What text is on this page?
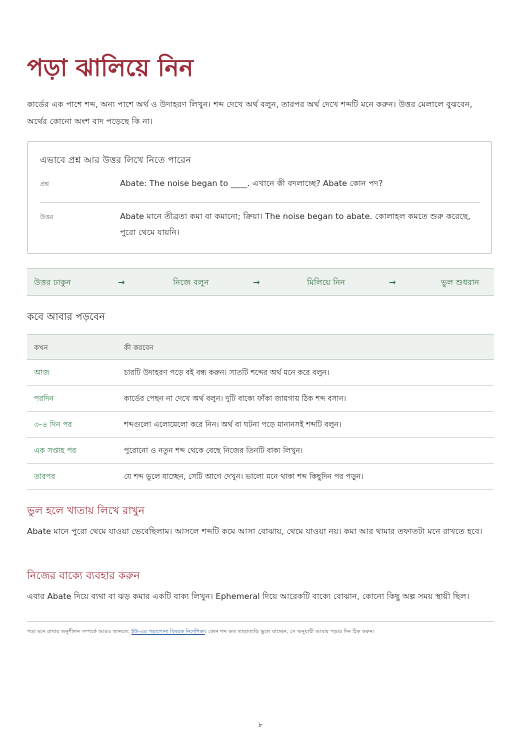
পড়া ঝালিয়ে নিন

কার্ডের এক পাশে শব্দ, অন্য পাশে অর্থ ও উদাহরণ লিখুন। শব্দ দেখে অর্থ বলুন, তারপর অর্থ দেখে শব্দটি মনে করুন। উত্তর মেলালে বুঝবেন, অর্থের কোনো অংশ বাদ পড়েছে কি না।

এভাবে প্রশ্ন আর উত্তর লিখে নিতে পারেন
প্রশ্ন	Abate: The noise began to ____. এখানে কী বদলাচ্ছে? Abate কোন পদ?
উত্তর	Abate মানে তীব্রতা কমা বা কমানো; ক্রিয়া। The noise began to abate. কোলাহল কমতে শুরু করেছে, পুরো থেমে যায়নি।
উত্তর ঢাকুন	→	নিজে বলুন	→	মিলিয়ে নিন	→	ভুল শুধরান
কবে আবার পড়বেন
কখন	কী করবেন
আজ	চারটি উদাহরণ পড়ে বই বন্ধ করুন। সাতটি শব্দের অর্থ মনে করে বলুন।
পরদিন	কার্ডের পেছন না দেখে অর্থ বলুন। দুটি বাক্যে ফাঁকা জায়গায় ঠিক শব্দ বসান।
৩–৪ দিন পর	শব্দগুলো এলোমেলো করে নিন। অর্থ বা ঘটনা পড়ে মানানসই শব্দটি বলুন।
এক সপ্তাহ পর	পুরোনো ও নতুন শব্দ থেকে বেছে নিজের তিনটি বাক্য লিখুন।
তারপর	যে শব্দ ভুলে যাচ্ছেন, সেটি আগে দেখুন। ভালো মনে থাকা শব্দ কিছুদিন পর পড়ুন।
ভুল হলে খাতায় লিখে রাখুন

Abate মানে পুরো থেমে যাওয়া ভেবেছিলাম। আসলে শব্দটি কমে আসা বোঝায়, থেমে যাওয়া নয়। কমা আর থামার তফাতটা মনে রাখতে হবে।

নিজের বাক্যে ব্যবহার করুন

এবার Abate দিয়ে ব্যথা বা ঝড় কমার একটি বাক্য লিখুন। Ephemeral দিয়ে আরেকটি বাক্যে বোঝান, কোনো কিছু অল্প সময় স্থায়ী ছিল।

পড়া মনে রাখার অনুশীলন সম্পর্কে আরও জানতে: ইউ-এর পড়াশোনা বিষয়ক নির্দেশিকা। কোন শব্দ কত তাড়াতাড়ি ভুলে যাচ্ছেন, সে অনুযায়ী আবার পড়ার দিন ঠিক করুন।
৮
